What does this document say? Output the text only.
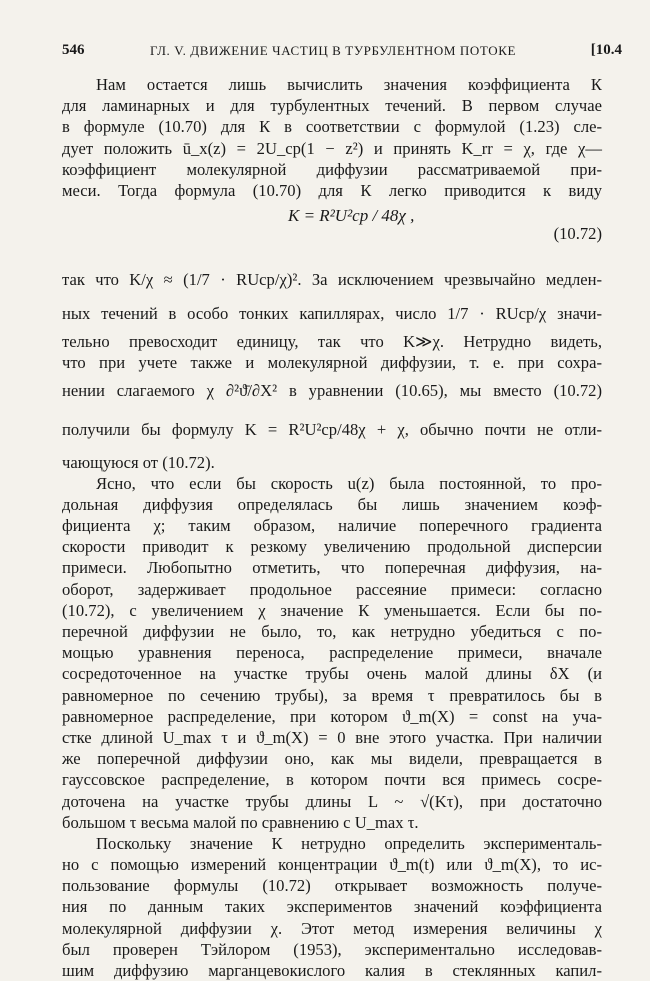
546	ГЛ. V. ДВИЖЕНИЕ ЧАСТИЦ В ТУРБУЛЕНТНОМ ПОТОКЕ	[10.4
Нам остается лишь вычислить значения коэффициента К
для ламинарных и для турбулентных течений. В первом случае
в формуле (10.70) для К в соответствии с формулой (1.23) сле-
дует положить ū_x(z) = 2U_ср(1 − z²) и принять K_rr = χ, где χ—
коэффициент молекулярной диффузии рассматриваемой при-
меси. Тогда формула (10.70) для К легко приводится к виду
K = R²U²ср / 48χ ,
(10.72)
так что K/χ ≈ (1/7 · RUср/χ)². За исключением чрезвычайно медлен-
ных течений в особо тонких капиллярах, число 1/7 · RUср/χ значи-
тельно превосходит единицу, так что K≫χ. Нетрудно видеть,
что при учете также и молекулярной диффузии, т. е. при сохра-
нении слагаемого χ ∂²ϑ̄/∂X² в уравнении (10.65), мы вместо (10.72)
получили бы формулу K = R²U²ср/48χ + χ, обычно почти не отли-
чающуюся от (10.72).
Ясно, что если бы скорость u(z) была постоянной, то про-
дольная диффузия определялась бы лишь значением коэф-
фициента χ; таким образом, наличие поперечного градиента
скорости приводит к резкому увеличению продольной дисперсии
примеси. Любопытно отметить, что поперечная диффузия, на-
оборот, задерживает продольное рассеяние примеси: согласно
(10.72), с увеличением χ значение К уменьшается. Если бы по-
перечной диффузии не было, то, как нетрудно убедиться с по-
мощью уравнения переноса, распределение примеси, вначале
сосредоточенное на участке трубы очень малой длины δX (и
равномерное по сечению трубы), за время τ превратилось бы в
равномерное распределение, при котором ϑ_m(X) = const на уча-
стке длиной U_max τ и ϑ_m(X) = 0 вне этого участка. При наличии
же поперечной диффузии оно, как мы видели, превращается в
гауссовское распределение, в котором почти вся примесь сосре-
доточена на участке трубы длины L ~ √(Kτ), при достаточно
большом τ весьма малой по сравнению с U_max τ.
Поскольку значение К нетрудно определить эксперименталь-
но с помощью измерений концентрации ϑ_m(t) или ϑ_m(X), то ис-
пользование формулы (10.72) открывает возможность получе-
ния по данным таких экспериментов значений коэффициента
молекулярной диффузии χ. Этот метод измерения величины χ
был проверен Тэйлором (1953), экспериментально исследовав-
шим диффузию марганцевокислого калия в стеклянных капил-
